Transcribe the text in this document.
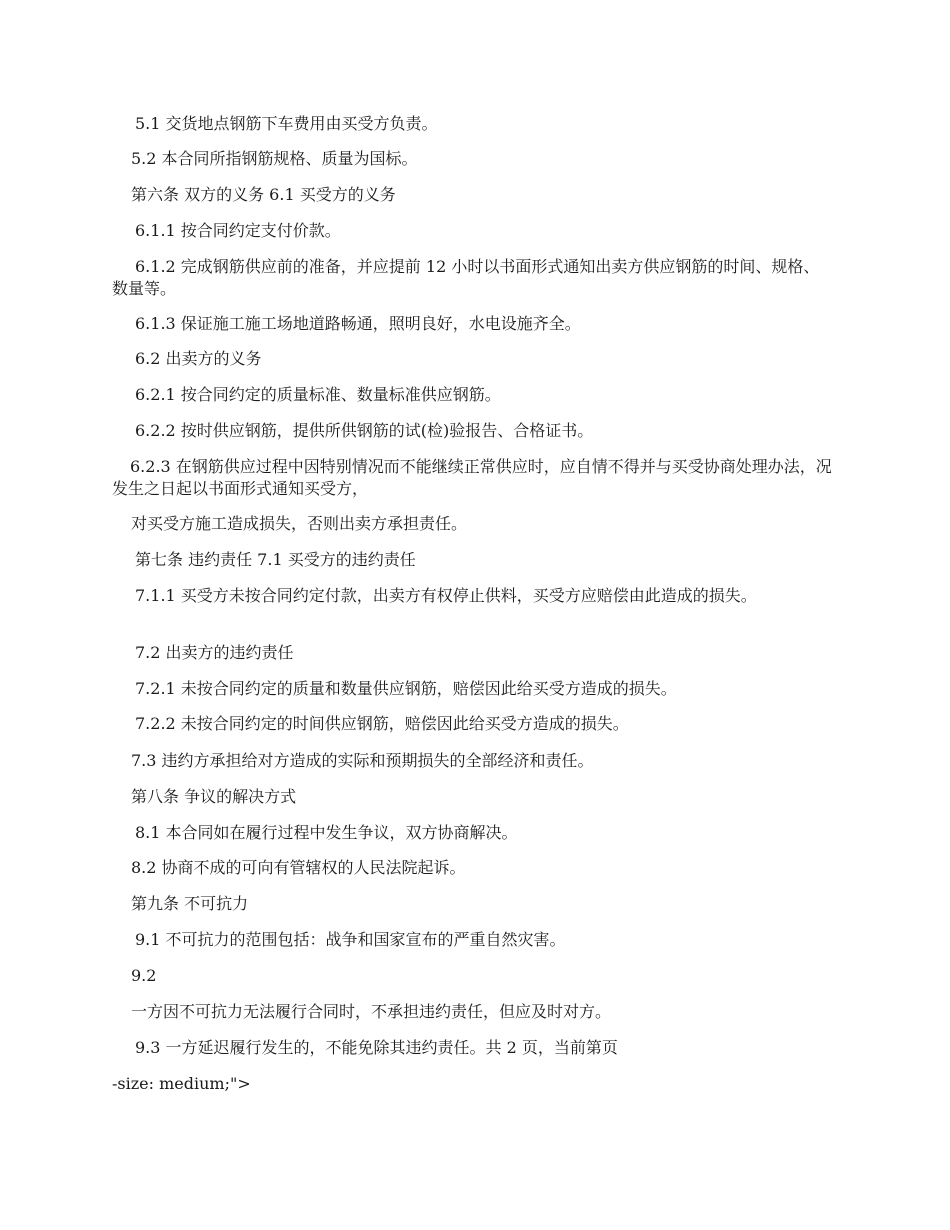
5.1 交货地点钢筋下车费用由买受方负责。

5.2 本合同所指钢筋规格、质量为国标。

第六条 双方的义务 6.1 买受方的义务

6.1.1 按合同约定支付价款。

6.1.2 完成钢筋供应前的准备，并应提前 12 小时以书面形式通知出卖方供应钢筋的时间、规格、数量等。

6.1.3 保证施工施工场地道路畅通，照明良好，水电设施齐全。

6.2 出卖方的义务

6.2.1 按合同约定的质量标准、数量标准供应钢筋。

6.2.2 按时供应钢筋，提供所供钢筋的试(检)验报告、合格证书。

6.2.3 在钢筋供应过程中因特别情况而不能继续正常供应时，应自情不得并与买受协商处理办法，况发生之日起以书面形式通知买受方，

对买受方施工造成损失，否则出卖方承担责任。

第七条 违约责任 7.1 买受方的违约责任

7.1.1 买受方未按合同约定付款，出卖方有权停止供料，买受方应赔偿由此造成的损失。

7.2 出卖方的违约责任

7.2.1 未按合同约定的质量和数量供应钢筋，赔偿因此给买受方造成的损失。

7.2.2 未按合同约定的时间供应钢筋，赔偿因此给买受方造成的损失。

7.3 违约方承担给对方造成的实际和预期损失的全部经济和责任。

第八条 争议的解决方式

8.1 本合同如在履行过程中发生争议，双方协商解决。

8.2 协商不成的可向有管辖权的人民法院起诉。

第九条 不可抗力

9.1 不可抗力的范围包括：战争和国家宣布的严重自然灾害。

9.2

一方因不可抗力无法履行合同时，不承担违约责任，但应及时对方。

9.3 一方延迟履行发生的，不能免除其违约责任。共 2 页，当前第页

-size: medium;">
